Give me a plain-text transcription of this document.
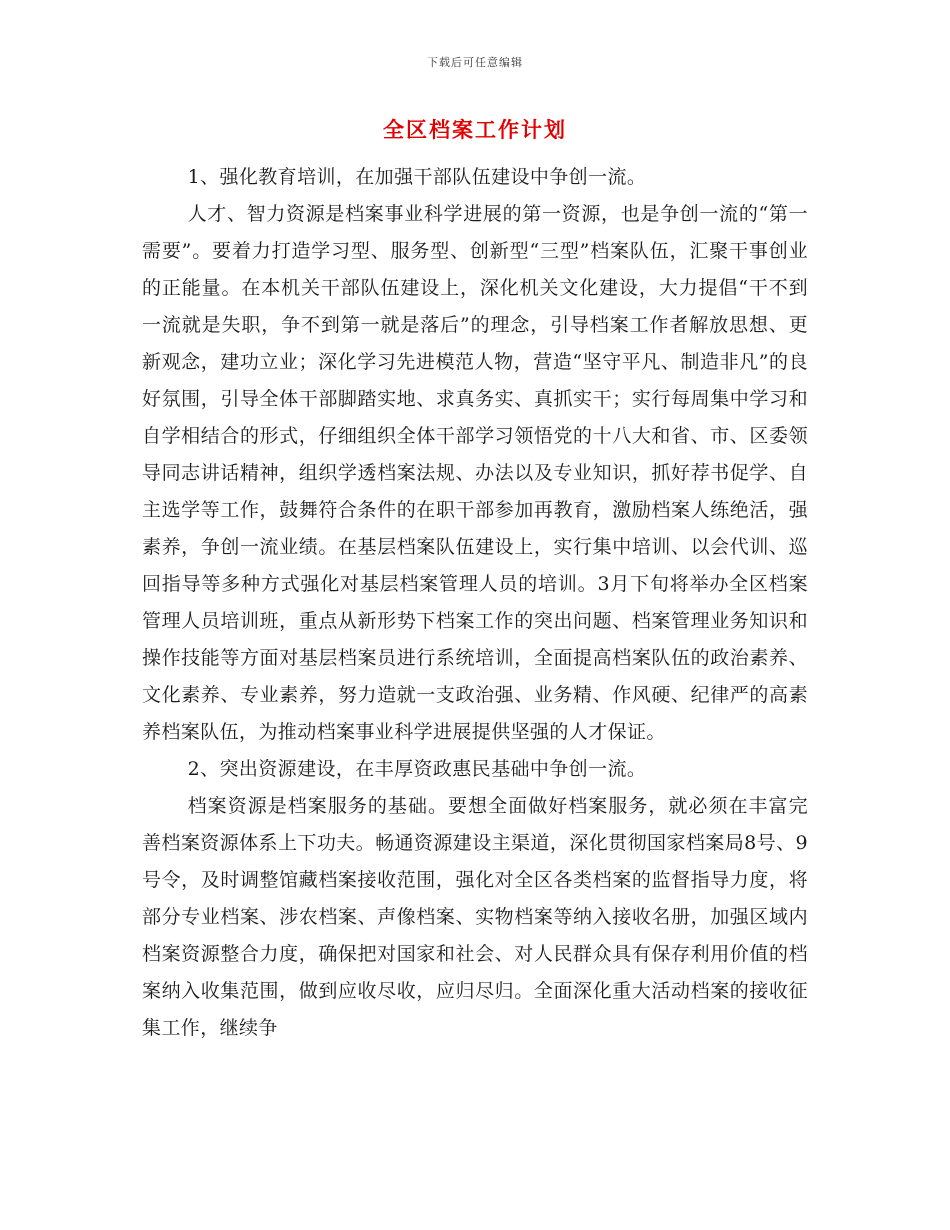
下载后可任意编辑
全区档案工作计划

1、强化教育培训，在加强干部队伍建设中争创一流。

人才、智力资源是档案事业科学进展的第一资源，也是争创一流的“第一需要”。要着力打造学习型、服务型、创新型“三型”档案队伍，汇聚干事创业的正能量。在本机关干部队伍建设上，深化机关文化建设，大力提倡“干不到一流就是失职，争不到第一就是落后”的理念，引导档案工作者解放思想、更新观念，建功立业；深化学习先进模范人物，营造“坚守平凡、制造非凡”的良好氛围，引导全体干部脚踏实地、求真务实、真抓实干；实行每周集中学习和自学相结合的形式，仔细组织全体干部学习领悟党的十八大和省、市、区委领导同志讲话精神，组织学透档案法规、办法以及专业知识，抓好荐书促学、自主选学等工作，鼓舞符合条件的在职干部参加再教育，激励档案人练绝活，强素养，争创一流业绩。在基层档案队伍建设上，实行集中培训、以会代训、巡回指导等多种方式强化对基层档案管理人员的培训。3月下旬将举办全区档案管理人员培训班，重点从新形势下档案工作的突出问题、档案管理业务知识和操作技能等方面对基层档案员进行系统培训，全面提高档案队伍的政治素养、文化素养、专业素养，努力造就一支政治强、业务精、作风硬、纪律严的高素养档案队伍，为推动档案事业科学进展提供坚强的人才保证。

2、突出资源建设，在丰厚资政惠民基础中争创一流。

档案资源是档案服务的基础。要想全面做好档案服务，就必须在丰富完善档案资源体系上下功夫。畅通资源建设主渠道，深化贯彻国家档案局8号、9号令，及时调整馆藏档案接收范围，强化对全区各类档案的监督指导力度，将部分专业档案、涉农档案、声像档案、实物档案等纳入接收名册，加强区域内档案资源整合力度，确保把对国家和社会、对人民群众具有保存利用价值的档案纳入收集范围，做到应收尽收，应归尽归。全面深化重大活动档案的接收征集工作，继续争
